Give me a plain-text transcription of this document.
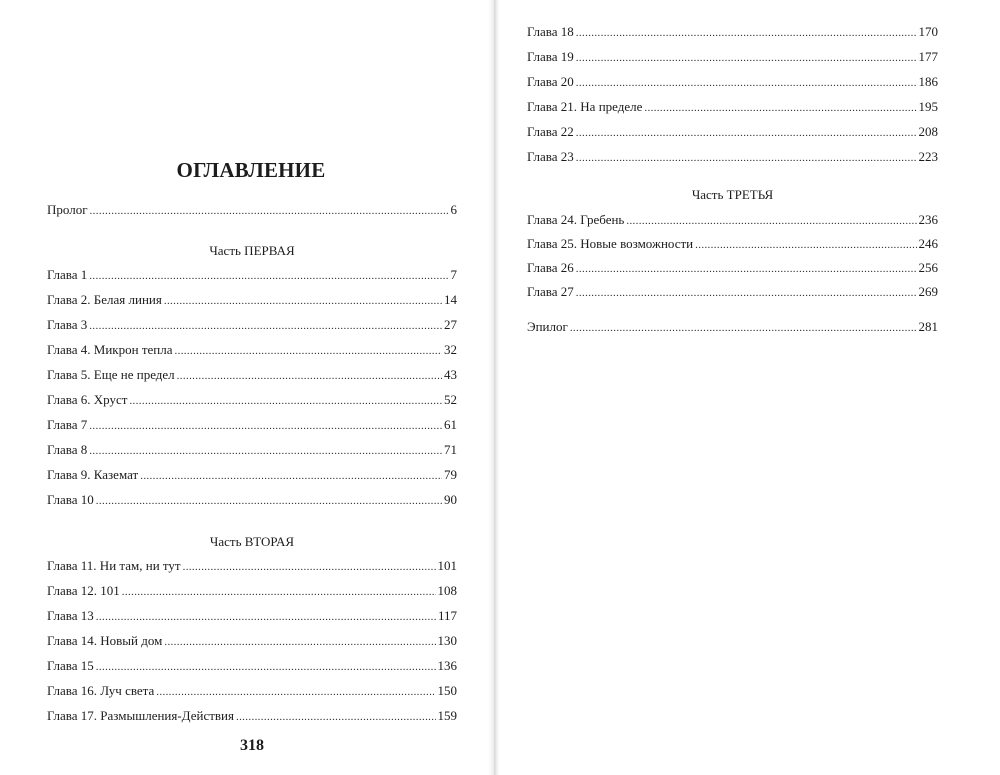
ОГЛАВЛЕНИЕ
Пролог . . .	6
Часть ПЕРВАЯ
Глава 1 . . .	7
Глава 2. Белая линия . . .	14
Глава 3 . . .	27
Глава 4. Микрон тепла . . .	32
Глава 5. Еще не предел . . .	43
Глава 6. Хруст . . .	52
Глава 7 . . .	61
Глава 8 . . .	71
Глава 9. Каземат . . .	79
Глава 10 . . .	90
Часть ВТОРАЯ
Глава 11. Ни там, ни тут . . .	101
Глава 12. 101 . . .	108
Глава 13 . . .	117
Глава 14. Новый дом . . .	130
Глава 15 . . .	136
Глава 16. Луч света . . .	150
Глава 17. Размышления-Действия . . .	159
318
Глава 18 . . .	170
Глава 19 . . .	177
Глава 20 . . .	186
Глава 21. На пределе . . .	195
Глава 22 . . .	208
Глава 23 . . .	223
Часть ТРЕТЬЯ
Глава 24. Гребень . . .	236
Глава 25. Новые возможности . . .	246
Глава 26 . . .	256
Глава 27 . . .	269
Эпилог . . .	281
